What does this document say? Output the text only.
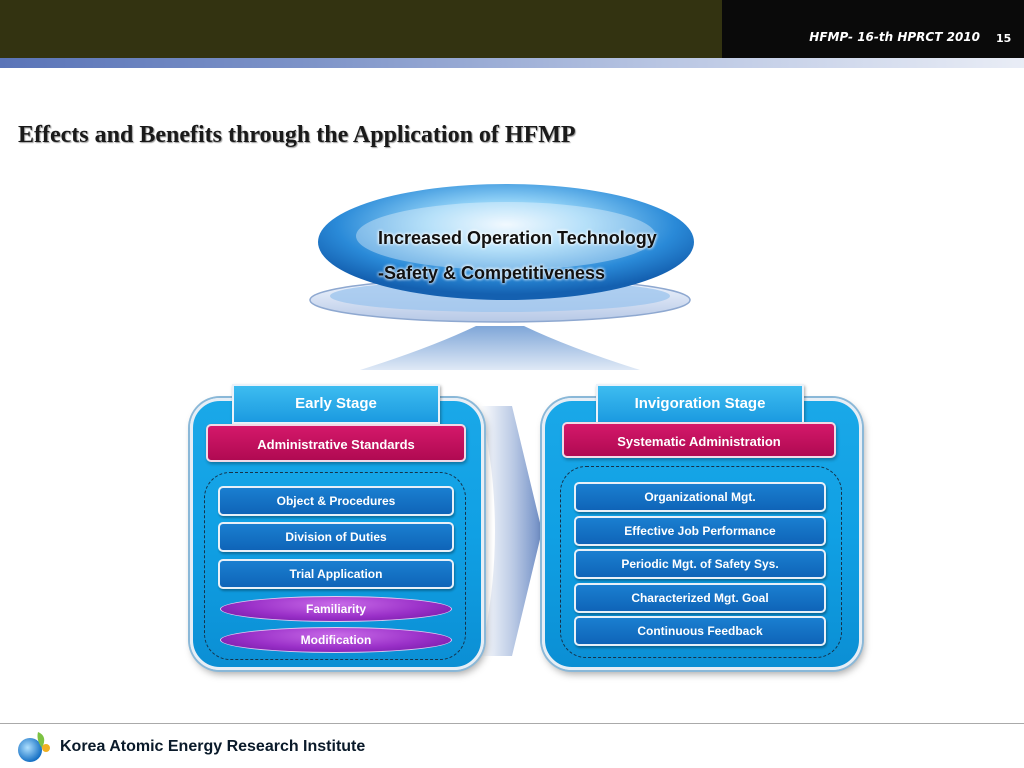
HFMP- 16-th HPRCT 2010 15
Effects and Benefits through the Application of HFMP
Increased Operation Technology
-Safety & Competitiveness
Early Stage
Administrative Standards
Object & Procedures
Division of Duties
Trial Application
Familiarity
Modification
Invigoration Stage
Systematic Administration
Organizational Mgt.
Effective Job Performance
Periodic Mgt. of Safety Sys.
Characterized Mgt. Goal
Continuous Feedback
Korea Atomic Energy Research Institute
